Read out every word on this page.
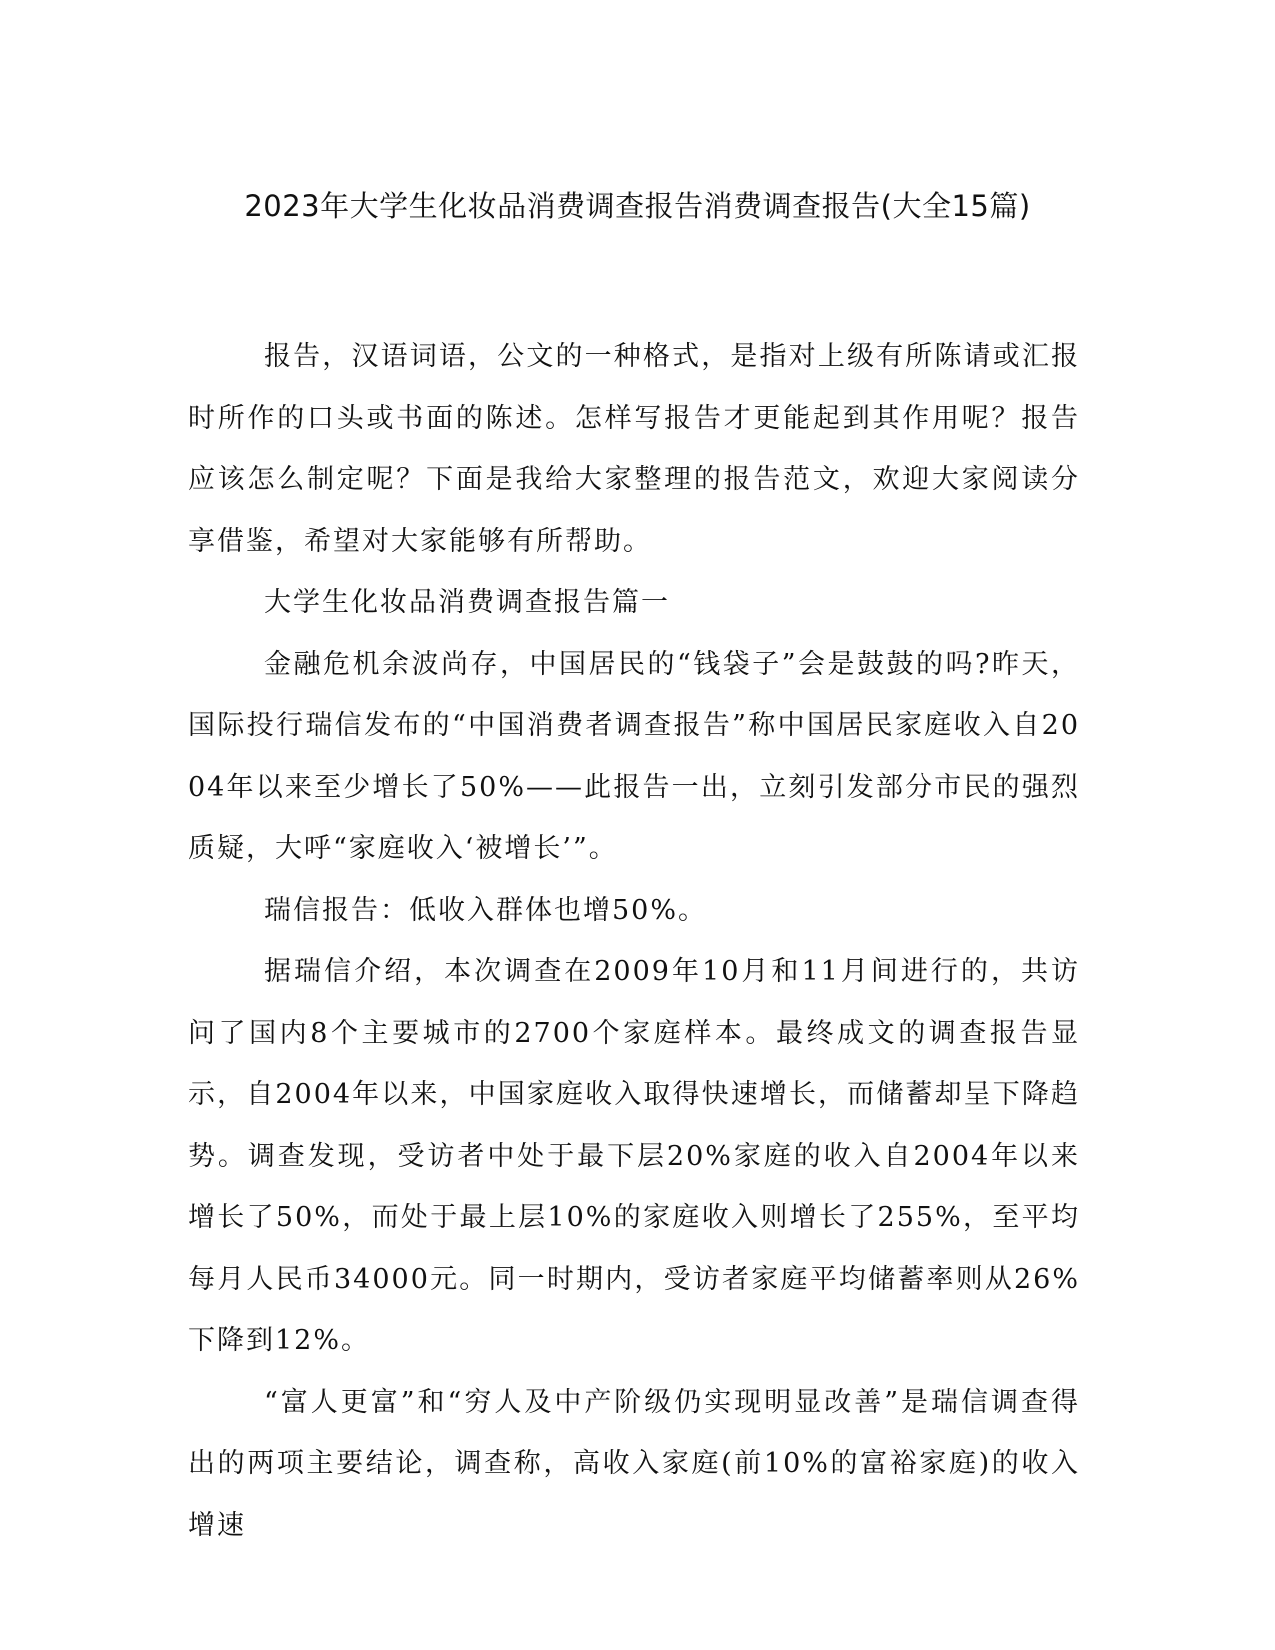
2023年大学生化妆品消费调查报告消费调查报告(大全15篇)

报告，汉语词语，公文的一种格式，是指对上级有所陈请或汇报时所作的口头或书面的陈述。怎样写报告才更能起到其作用呢？报告应该怎么制定呢？下面是我给大家整理的报告范文，欢迎大家阅读分享借鉴，希望对大家能够有所帮助。

大学生化妆品消费调查报告篇一

金融危机余波尚存，中国居民的“钱袋子”会是鼓鼓的吗?昨天，国际投行瑞信发布的“中国消费者调查报告”称中国居民家庭收入自2004年以来至少增长了50%——此报告一出，立刻引发部分市民的强烈质疑，大呼“家庭收入‘被增长’”。

瑞信报告：低收入群体也增50%。

据瑞信介绍，本次调查在2009年10月和11月间进行的，共访问了国内8个主要城市的2700个家庭样本。最终成文的调查报告显示，自2004年以来，中国家庭收入取得快速增长，而储蓄却呈下降趋势。调查发现，受访者中处于最下层20%家庭的收入自2004年以来增长了50%，而处于最上层10%的家庭收入则增长了255%，至平均每月人民币34000元。同一时期内，受访者家庭平均储蓄率则从26%下降到12%。

“富人更富”和“穷人及中产阶级仍实现明显改善”是瑞信调查得出的两项主要结论，调查称，高收入家庭(前10%的富裕家庭)的收入增速
